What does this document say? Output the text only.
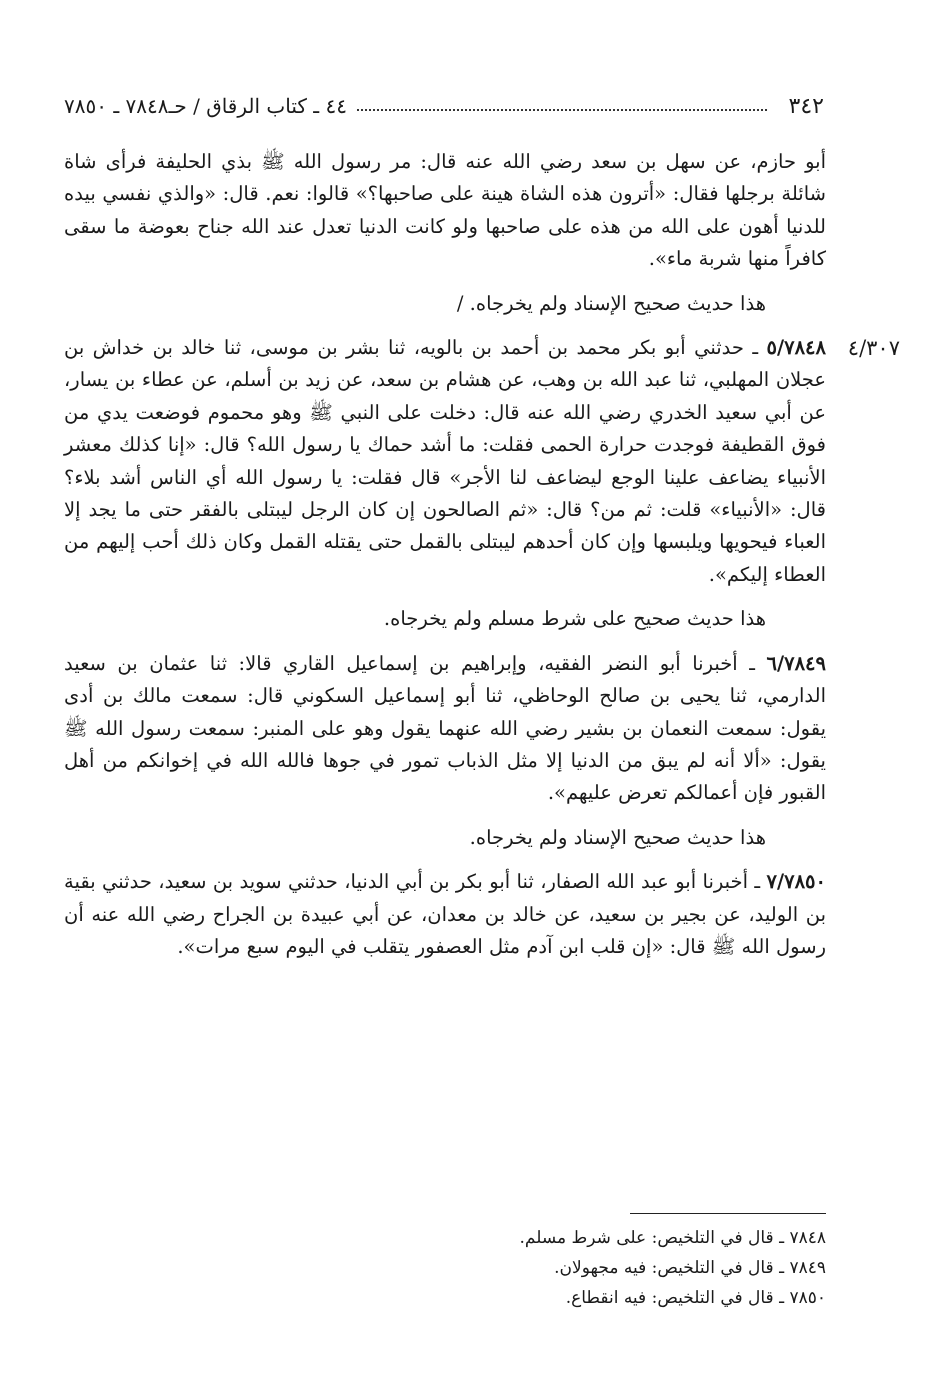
٣٤٢
٤٤ ـ كتاب الرقاق / حـ٧٨٤٨ ـ ٧٨٥٠
٤/٣٠٧

أبو حازم، عن سهل بن سعد رضي الله عنه قال: مر رسول الله ﷺ بذي الحليفة فرأى شاة شائلة برجلها فقال: «أترون هذه الشاة هينة على صاحبها؟» قالوا: نعم. قال: «والذي نفسي بيده للدنيا أهون على الله من هذه على صاحبها ولو كانت الدنيا تعدل عند الله جناح بعوضة ما سقى كافراً منها شربة ماء».

هذا حديث صحيح الإسناد ولم يخرجاه. /

٥/٧٨٤٨ ـ حدثني أبو بكر محمد بن أحمد بن بالويه، ثنا بشر بن موسى، ثنا خالد بن خداش بن عجلان المهلبي، ثنا عبد الله بن وهب، عن هشام بن سعد، عن زيد بن أسلم، عن عطاء بن يسار، عن أبي سعيد الخدري رضي الله عنه قال: دخلت على النبي ﷺ وهو محموم فوضعت يدي من فوق القطيفة فوجدت حرارة الحمى فقلت: ما أشد حماك يا رسول الله؟ قال: «إنا كذلك معشر الأنبياء يضاعف علينا الوجع ليضاعف لنا الأجر» قال فقلت: يا رسول الله أي الناس أشد بلاء؟ قال: «الأنبياء» قلت: ثم من؟ قال: «ثم الصالحون إن كان الرجل ليبتلى بالفقر حتى ما يجد إلا العباء فيحويها ويلبسها وإن كان أحدهم ليبتلى بالقمل حتى يقتله القمل وكان ذلك أحب إليهم من العطاء إليكم».

هذا حديث صحيح على شرط مسلم ولم يخرجاه.

٦/٧٨٤٩ ـ أخبرنا أبو النضر الفقيه، وإبراهيم بن إسماعيل القاري قالا: ثنا عثمان بن سعيد الدارمي، ثنا يحيى بن صالح الوحاظي، ثنا أبو إسماعيل السكوني قال: سمعت مالك بن أدى يقول: سمعت النعمان بن بشير رضي الله عنهما يقول وهو على المنبر: سمعت رسول الله ﷺ يقول: «ألا أنه لم يبق من الدنيا إلا مثل الذباب تمور في جوها فالله الله في إخوانكم من أهل القبور فإن أعمالكم تعرض عليهم».

هذا حديث صحيح الإسناد ولم يخرجاه.

٧/٧٨٥٠ ـ أخبرنا أبو عبد الله الصفار، ثنا أبو بكر بن أبي الدنيا، حدثني سويد بن سعيد، حدثني بقية بن الوليد، عن بجير بن سعيد، عن خالد بن معدان، عن أبي عبيدة بن الجراح رضي الله عنه أن رسول الله ﷺ قال: «إن قلب ابن آدم مثل العصفور يتقلب في اليوم سبع مرات».

٧٨٤٨ ـ قال في التلخيص: على شرط مسلم.
٧٨٤٩ ـ قال في التلخيص: فيه مجهولان.
٧٨٥٠ ـ قال في التلخيص: فيه انقطاع.
